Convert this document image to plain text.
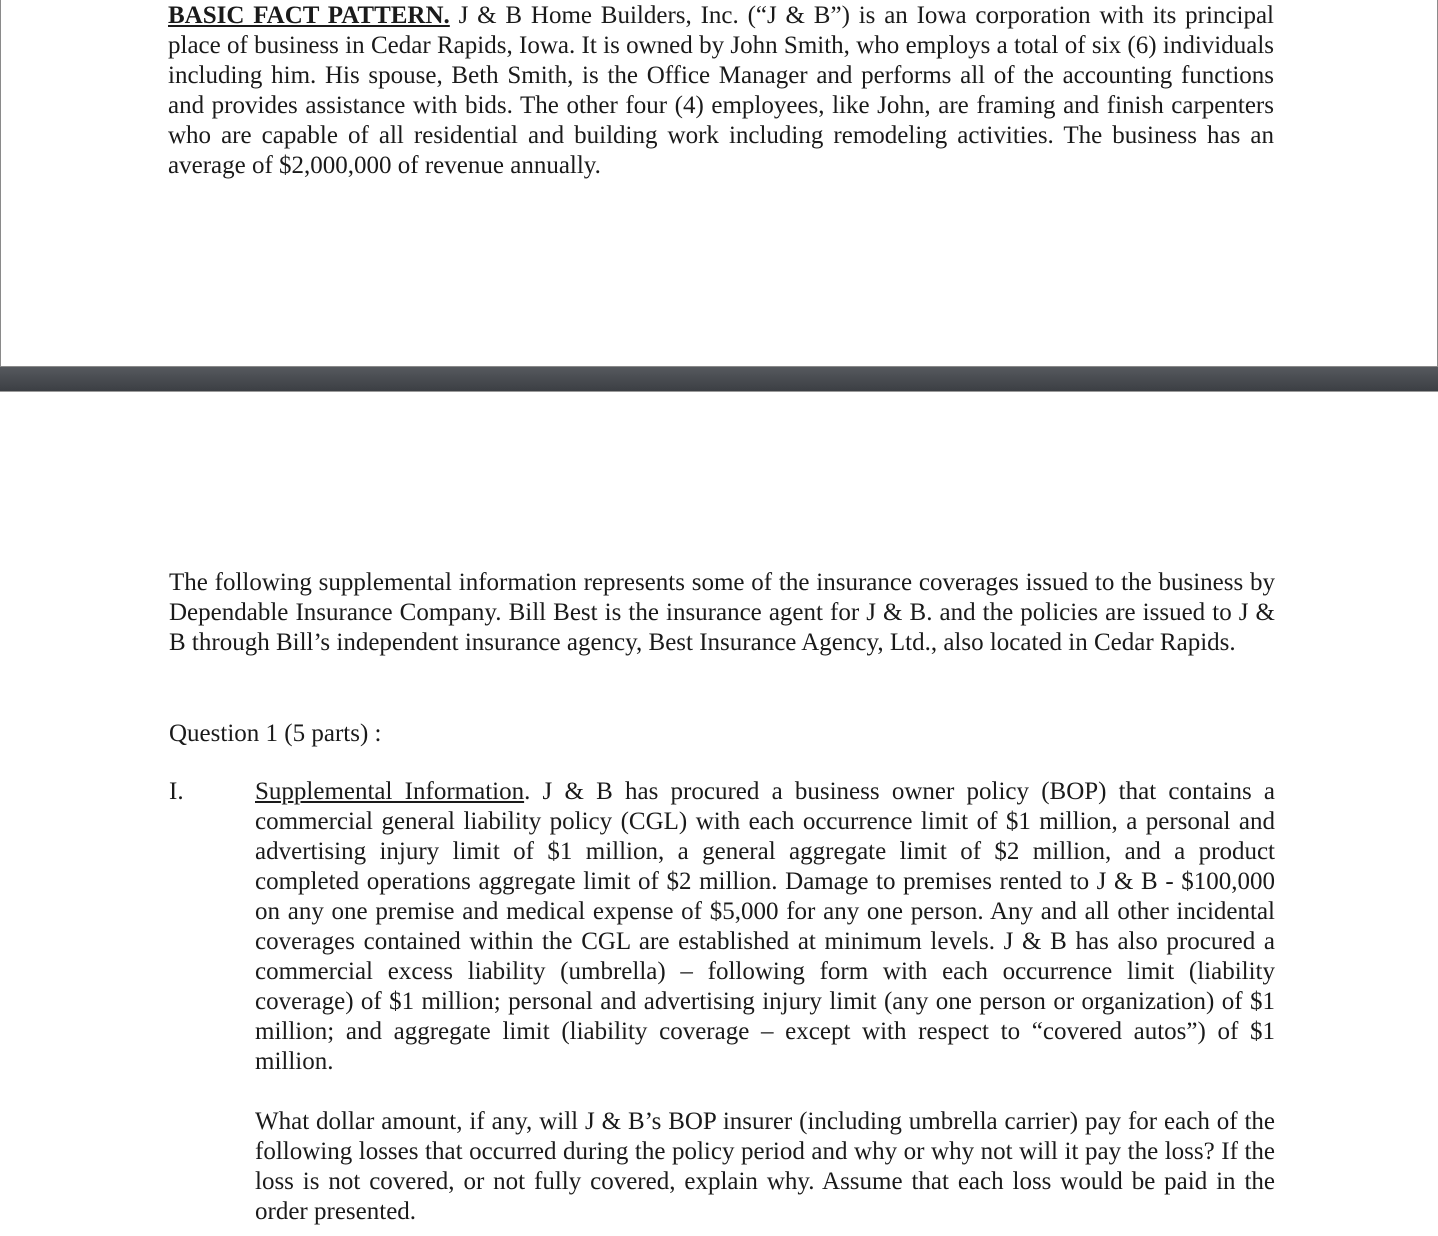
BASIC FACT PATTERN. J & B Home Builders, Inc. (“J & B”) is an Iowa corporation with its principal place of business in Cedar Rapids, Iowa. It is owned by John Smith, who employs a total of six (6) individuals including him. His spouse, Beth Smith, is the Office Manager and performs all of the accounting functions and provides assistance with bids. The other four (4) employees, like John, are framing and finish carpenters who are capable of all residential and building work including remodeling activities. The business has an average of $2,000,000 of revenue annually.

The following supplemental information represents some of the insurance coverages issued to the business by Dependable Insurance Company. Bill Best is the insurance agent for J & B. and the policies are issued to J & B through Bill’s independent insurance agency, Best Insurance Agency, Ltd., also located in Cedar Rapids.

Question 1 (5 parts) :

I.	Supplemental Information. J & B has procured a business owner policy (BOP) that contains a commercial general liability policy (CGL) with each occurrence limit of $1 million, a personal and advertising injury limit of $1 million, a general aggregate limit of $2 million, and a product completed operations aggregate limit of $2 million. Damage to premises rented to J & B - $100,000 on any one premise and medical expense of $5,000 for any one person. Any and all other incidental coverages contained within the CGL are established at minimum levels. J & B has also procured a commercial excess liability (umbrella) – following form with each occurrence limit (liability coverage) of $1 million; personal and advertising injury limit (any one person or organization) of $1 million; and aggregate limit (liability coverage – except with respect to “covered autos”) of $1 million.

What dollar amount, if any, will J & B’s BOP insurer (including umbrella carrier) pay for each of the following losses that occurred during the policy period and why or why not will it pay the loss? If the loss is not covered, or not fully covered, explain why. Assume that each loss would be paid in the order presented.
